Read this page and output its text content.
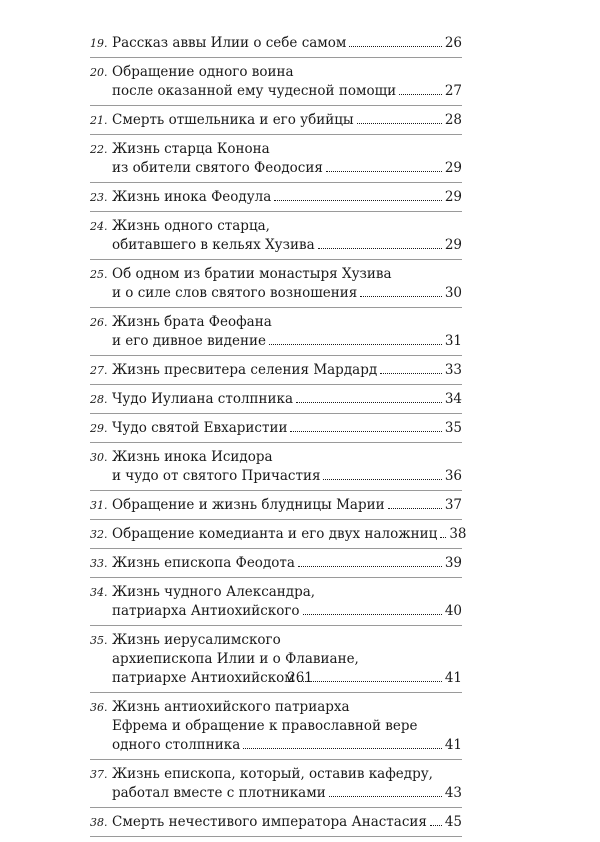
19. Рассказ аввы Илии о себе самом	26
20. Обращение одного воина
после оказанной ему чудесной помощи	27
21. Смерть отшельника и его убийцы	28
22. Жизнь старца Конона
из обители святого Феодосия	29
23. Жизнь инока Феодула	29
24. Жизнь одного старца,
обитавшего в кельях Хузива	29
25. Об одном из братии монастыря Хузива
и о силе слов святого возношения	30
26. Жизнь брата Феофана
и его дивное видение	31
27. Жизнь пресвитера селения Мардард	33
28. Чудо Иулиана столпника	34
29. Чудо святой Евхаристии	35
30. Жизнь инока Исидора
и чудо от святого Причастия	36
31. Обращение и жизнь блудницы Марии	37
32. Обращение комедианта и его двух наложниц 38
33. Жизнь епископа Феодота	39
34. Жизнь чудного Александра,
патриарха Антиохийского	40
35. Жизнь иерусалимского
архиепископа Илии и о Флавиане,
патриархе Антиохийском	41
36. Жизнь антиохийского патриарха
Ефрема и обращение к православной вере
одного столпника	41
37. Жизнь епископа, который, оставив кафедру,
работал вместе с плотниками	43
38. Смерть нечестивого императора Анастасия 45
261
